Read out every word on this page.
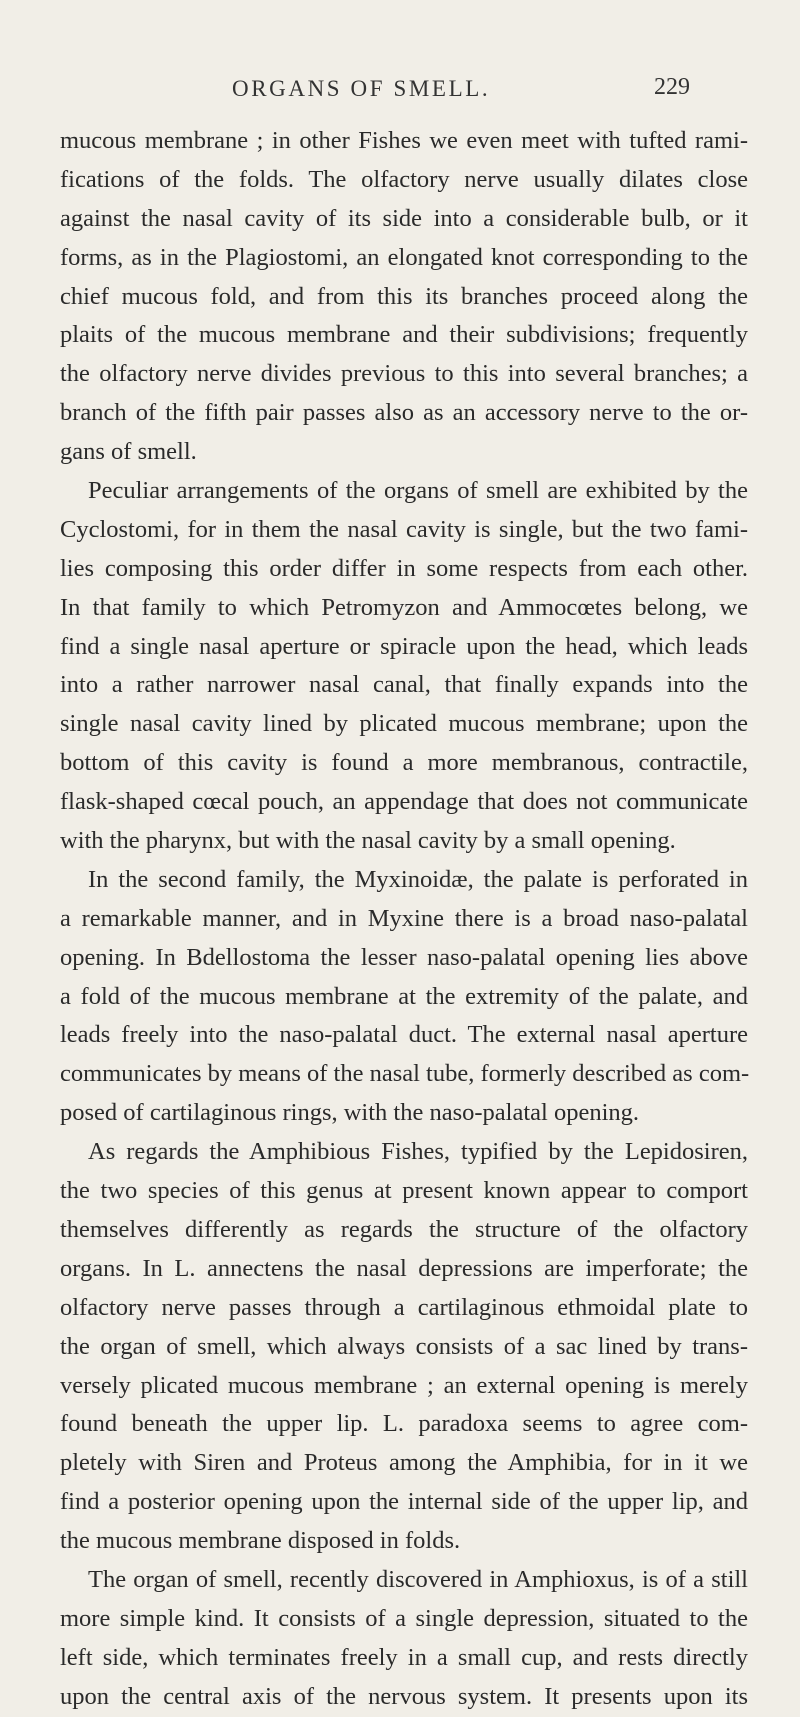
ORGANS OF SMELL.	229
mucous membrane ; in other Fishes we even meet with tufted rami-
fications of the folds. The olfactory nerve usually dilates close
against the nasal cavity of its side into a considerable bulb, or it
forms, as in the Plagiostomi, an elongated knot corresponding to the
chief mucous fold, and from this its branches proceed along the
plaits of the mucous membrane and their subdivisions; frequently
the olfactory nerve divides previous to this into several branches; a
branch of the fifth pair passes also as an accessory nerve to the or-
gans of smell.
Peculiar arrangements of the organs of smell are exhibited by the
Cyclostomi, for in them the nasal cavity is single, but the two fami-
lies composing this order differ in some respects from each other.
In that family to which Petromyzon and Ammocœtes belong, we
find a single nasal aperture or spiracle upon the head, which leads
into a rather narrower nasal canal, that finally expands into the
single nasal cavity lined by plicated mucous membrane; upon the
bottom of this cavity is found a more membranous, contractile,
flask-shaped cœcal pouch, an appendage that does not communicate
with the pharynx, but with the nasal cavity by a small opening.
In the second family, the Myxinoidæ, the palate is perforated in
a remarkable manner, and in Myxine there is a broad naso-palatal
opening. In Bdellostoma the lesser naso-palatal opening lies above
a fold of the mucous membrane at the extremity of the palate, and
leads freely into the naso-palatal duct. The external nasal aperture
communicates by means of the nasal tube, formerly described as com-
posed of cartilaginous rings, with the naso-palatal opening.
As regards the Amphibious Fishes, typified by the Lepidosiren,
the two species of this genus at present known appear to comport
themselves differently as regards the structure of the olfactory
organs. In L. annectens the nasal depressions are imperforate; the
olfactory nerve passes through a cartilaginous ethmoidal plate to
the organ of smell, which always consists of a sac lined by trans-
versely plicated mucous membrane ; an external opening is merely
found beneath the upper lip. L. paradoxa seems to agree com-
pletely with Siren and Proteus among the Amphibia, for in it we
find a posterior opening upon the internal side of the upper lip, and
the mucous membrane disposed in folds.
The organ of smell, recently discovered in Amphioxus, is of a still
more simple kind. It consists of a single depression, situated to the
left side, which terminates freely in a small cup, and rests directly
upon the central axis of the nervous system. It presents upon its
